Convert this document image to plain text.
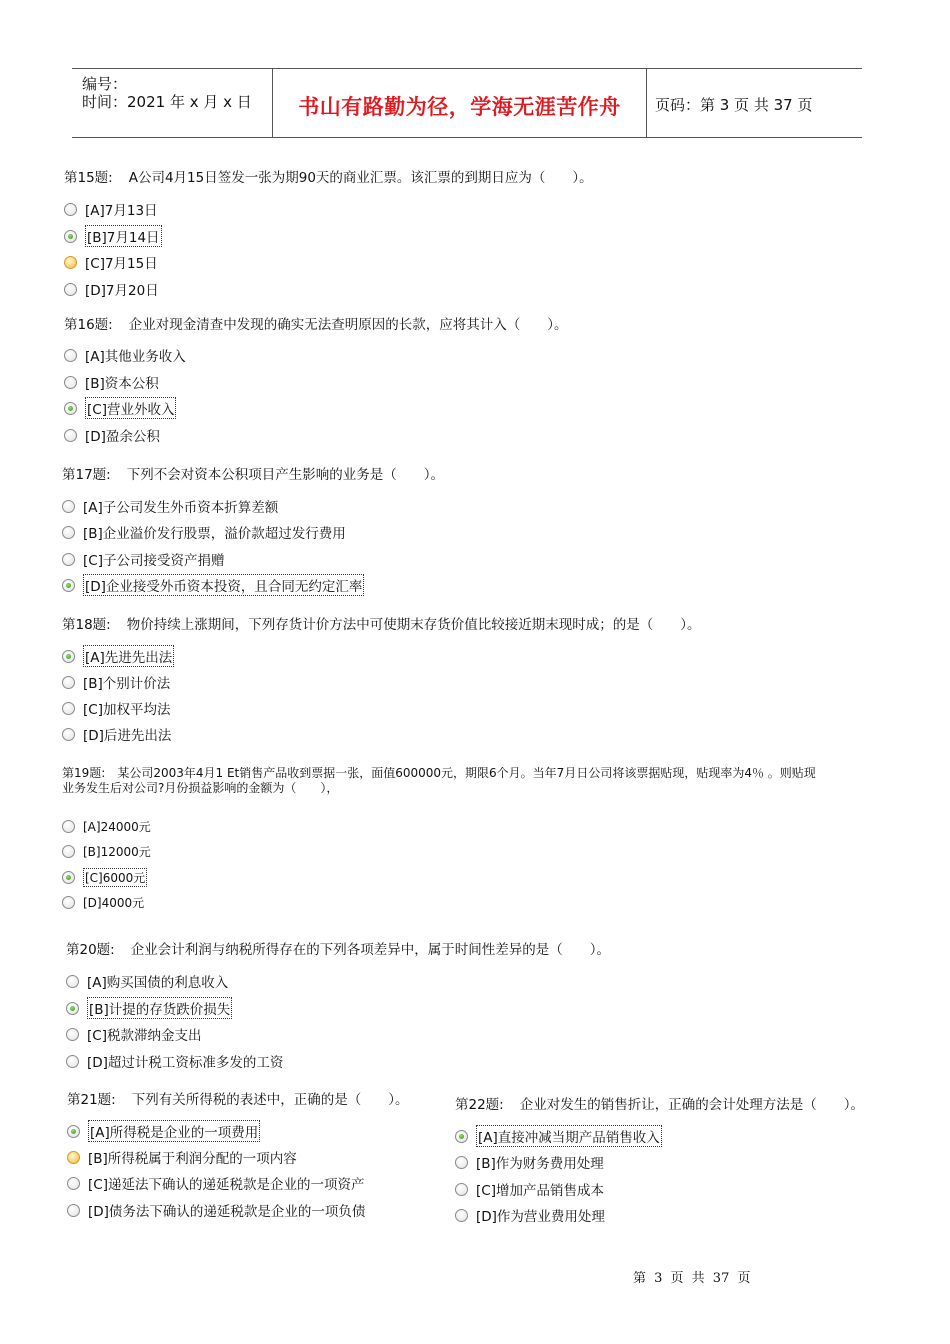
编号：
时间：2021 年 x 月 x 日	书山有路勤为径，学海无涯苦作舟	页码：第 3 页 共 37 页
第15题: A公司4月15日签发一张为期90天的商业汇票。该汇票的到期日应为（　　）。
[A]7月13日
[B]7月14日
[C]7月15日
[D]7月20日
第16题: 企业对现金清查中发现的确实无法查明原因的长款，应将其计入（　　）。
[A]其他业务收入
[B]资本公积
[C]营业外收入
[D]盈余公积
第17题: 下列不会对资本公积项目产生影响的业务是（　　）。
[A]子公司发生外币资本折算差额
[B]企业溢价发行股票，溢价款超过发行费用
[C]子公司接受资产捐赠
[D]企业接受外币资本投资，且合同无约定汇率
第18题: 物价持续上涨期间，下列存货计价方法中可使期末存货价值比较接近期末现时成；的是（　　）。
[A]先进先出法
[B]个别计价法
[C]加权平均法
[D]后进先出法
第19题: 某公司2003年4月1 Et销售产品收到票据一张，面值600000元，期限6个月。当年7月日公司将该票据贴现，贴现率为4％ 。则贴现
业务发生后对公司?月份损益影响的金额为（　　），
[A]24000元
[B]12000元
[C]6000元
[D]4000元
第20题: 企业会计利润与纳税所得存在的下列各项差异中，属于时间性差异的是（　　）。
[A]购买国债的利息收入
[B]计提的存货跌价损失
[C]税款滞纳金支出
[D]超过计税工资标准多发的工资
第21题: 下列有关所得税的表述中，正确的是（　　）。
[A]所得税是企业的一项费用
[B]所得税属于利润分配的一项内容
[C]递延法下确认的递延税款是企业的一项资产
[D]债务法下确认的递延税款是企业的一项负债
第22题: 企业对发生的销售折让，正确的会计处理方法是（　　）。
[A]直接冲减当期产品销售收入
[B]作为财务费用处理
[C]增加产品销售成本
[D]作为营业费用处理
第 3 页 共 37 页
